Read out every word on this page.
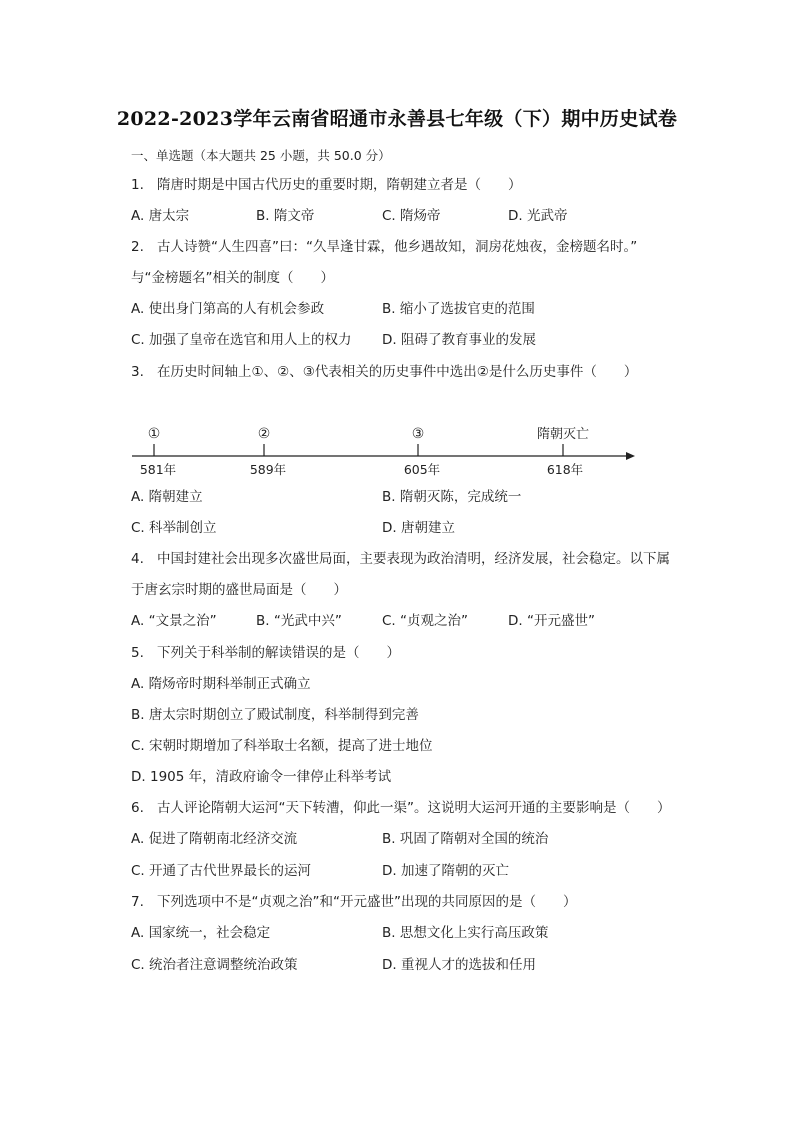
2022-2023学年云南省昭通市永善县七年级（下）期中历史试卷
一、单选题（本大题共 25 小题，共 50.0 分）
1. 隋唐时期是中国古代历史的重要时期，隋朝建立者是（　　）
A. 唐太宗	B. 隋文帝	C. 隋炀帝	D. 光武帝
2. 古人诗赞“人生四喜”曰：“久旱逢甘霖，他乡遇故知，洞房花烛夜，金榜题名时。”
与“金榜题名”相关的制度（　　）
A. 使出身门第高的人有机会参政	B. 缩小了选拔官吏的范围
C. 加强了皇帝在选官和用人上的权力 D. 阻碍了教育事业的发展
3. 在历史时间轴上①、②、③代表相关的历史事件中选出②是什么历史事件（　　）
①	②	③	隋朝灭亡
581年	589年	605年	618年
A. 隋朝建立	B. 隋朝灭陈，完成统一
C. 科举制创立	D. 唐朝建立
4. 中国封建社会出现多次盛世局面，主要表现为政治清明，经济发展，社会稳定。以下属
于唐玄宗时期的盛世局面是（　　）
A. “文景之治”	B. “光武中兴”	C. “贞观之治”	D. “开元盛世”
5. 下列关于科举制的解读错误的是（　　）
A. 隋炀帝时期科举制正式确立
B. 唐太宗时期创立了殿试制度，科举制得到完善
C. 宋朝时期增加了科举取士名额，提高了进士地位
D. 1905 年，清政府谕令一律停止科举考试
6. 古人评论隋朝大运河“天下转漕，仰此一渠”。这说明大运河开通的主要影响是（　　）
A. 促进了隋朝南北经济交流	B. 巩固了隋朝对全国的统治
C. 开通了古代世界最长的运河	D. 加速了隋朝的灭亡
7. 下列选项中不是“贞观之治”和“开元盛世”出现的共同原因的是（　　）
A. 国家统一，社会稳定	B. 思想文化上实行高压政策
C. 统治者注意调整统治政策	D. 重视人才的选拔和任用
